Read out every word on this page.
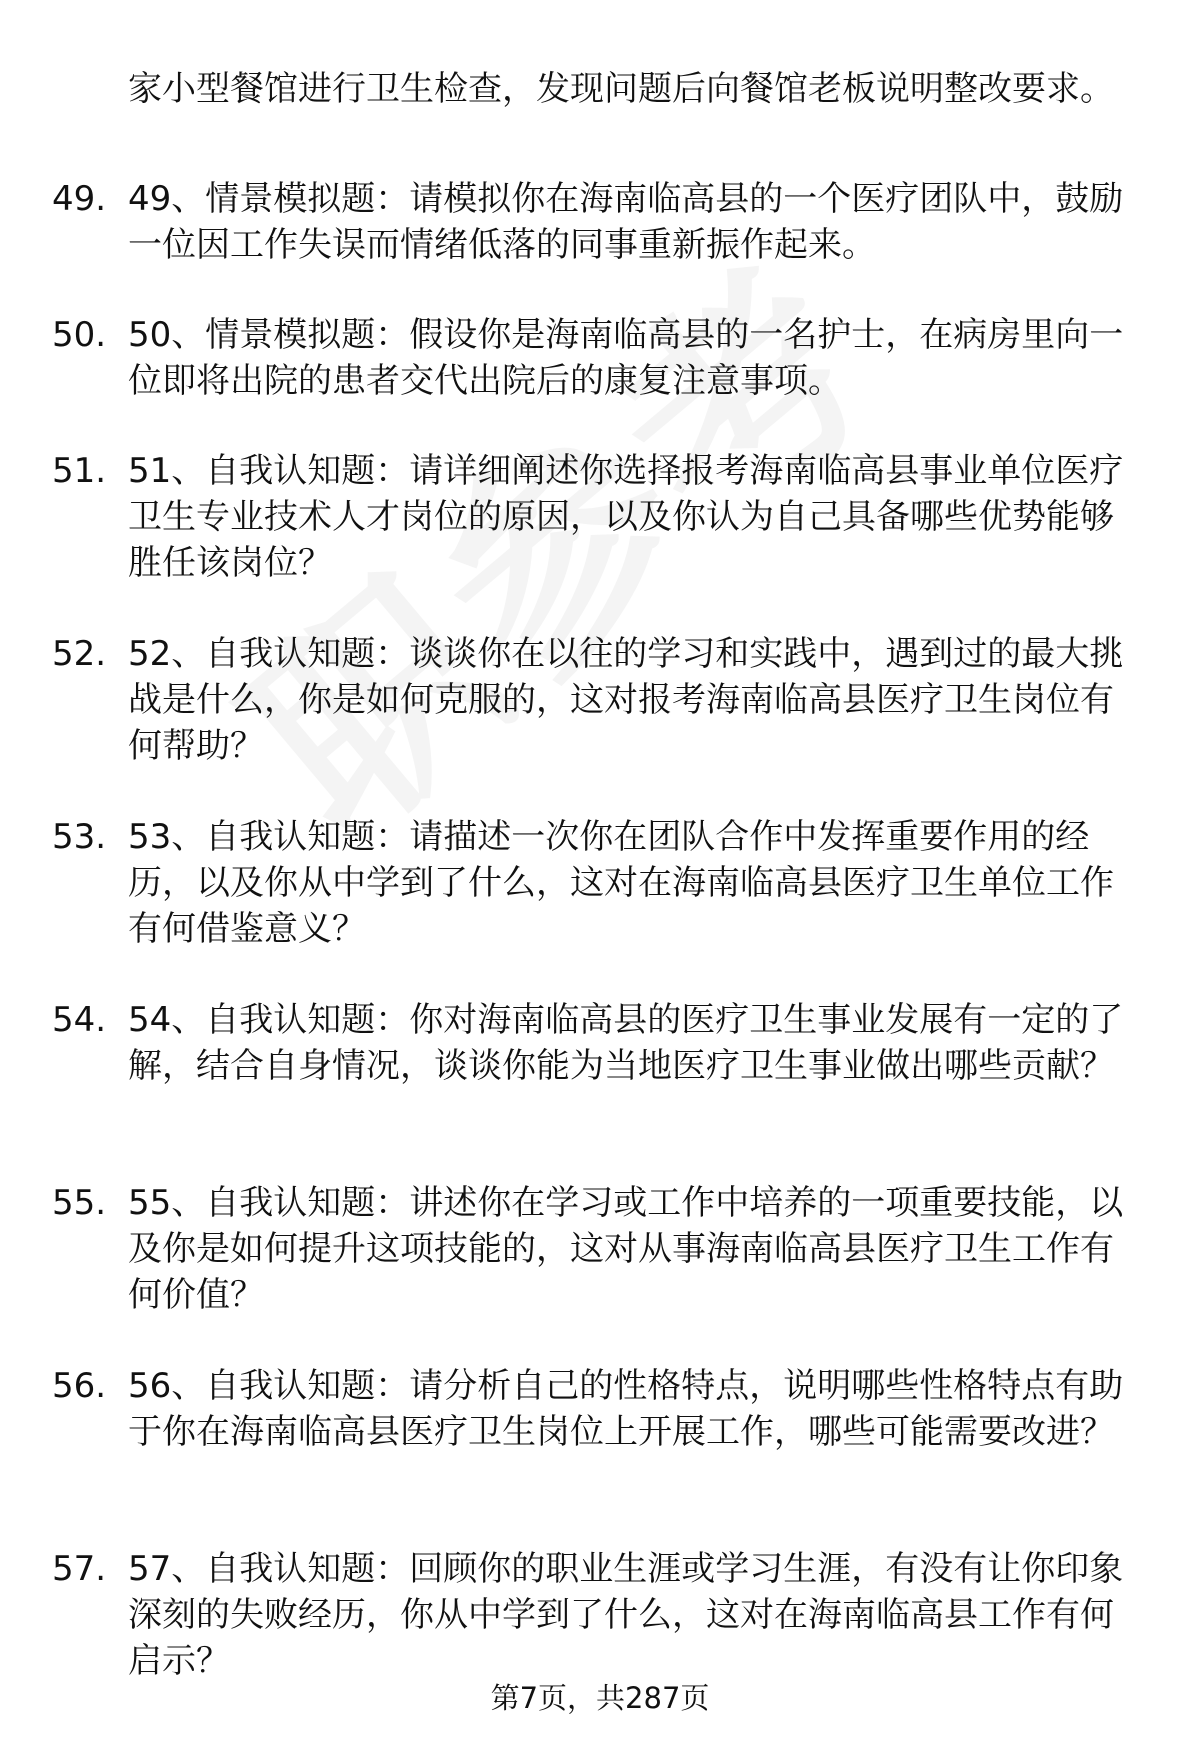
家小型餐馆进行卫生检查，发现问题后向餐馆老板说明整改要求。
49. 49、情景模拟题：请模拟你在海南临高县的一个医疗团队中，鼓励一位因工作失误而情绪低落的同事重新振作起来。
50. 50、情景模拟题：假设你是海南临高县的一名护士，在病房里向一位即将出院的患者交代出院后的康复注意事项。
51. 51、自我认知题：请详细阐述你选择报考海南临高县事业单位医疗卫生专业技术人才岗位的原因，以及你认为自己具备哪些优势能够胜任该岗位？
52. 52、自我认知题：谈谈你在以往的学习和实践中，遇到过的最大挑战是什么，你是如何克服的，这对报考海南临高县医疗卫生岗位有何帮助？
53. 53、自我认知题：请描述一次你在团队合作中发挥重要作用的经历，以及你从中学到了什么，这对在海南临高县医疗卫生单位工作有何借鉴意义？
54. 54、自我认知题：你对海南临高县的医疗卫生事业发展有一定的了解，结合自身情况，谈谈你能为当地医疗卫生事业做出哪些贡献？
55. 55、自我认知题：讲述你在学习或工作中培养的一项重要技能，以及你是如何提升这项技能的，这对从事海南临高县医疗卫生工作有何价值？
56. 56、自我认知题：请分析自己的性格特点，说明哪些性格特点有助于你在海南临高县医疗卫生岗位上开展工作，哪些可能需要改进？
57. 57、自我认知题：回顾你的职业生涯或学习生涯，有没有让你印象深刻的失败经历，你从中学到了什么，这对在海南临高县工作有何启示？
第7页，共287页
